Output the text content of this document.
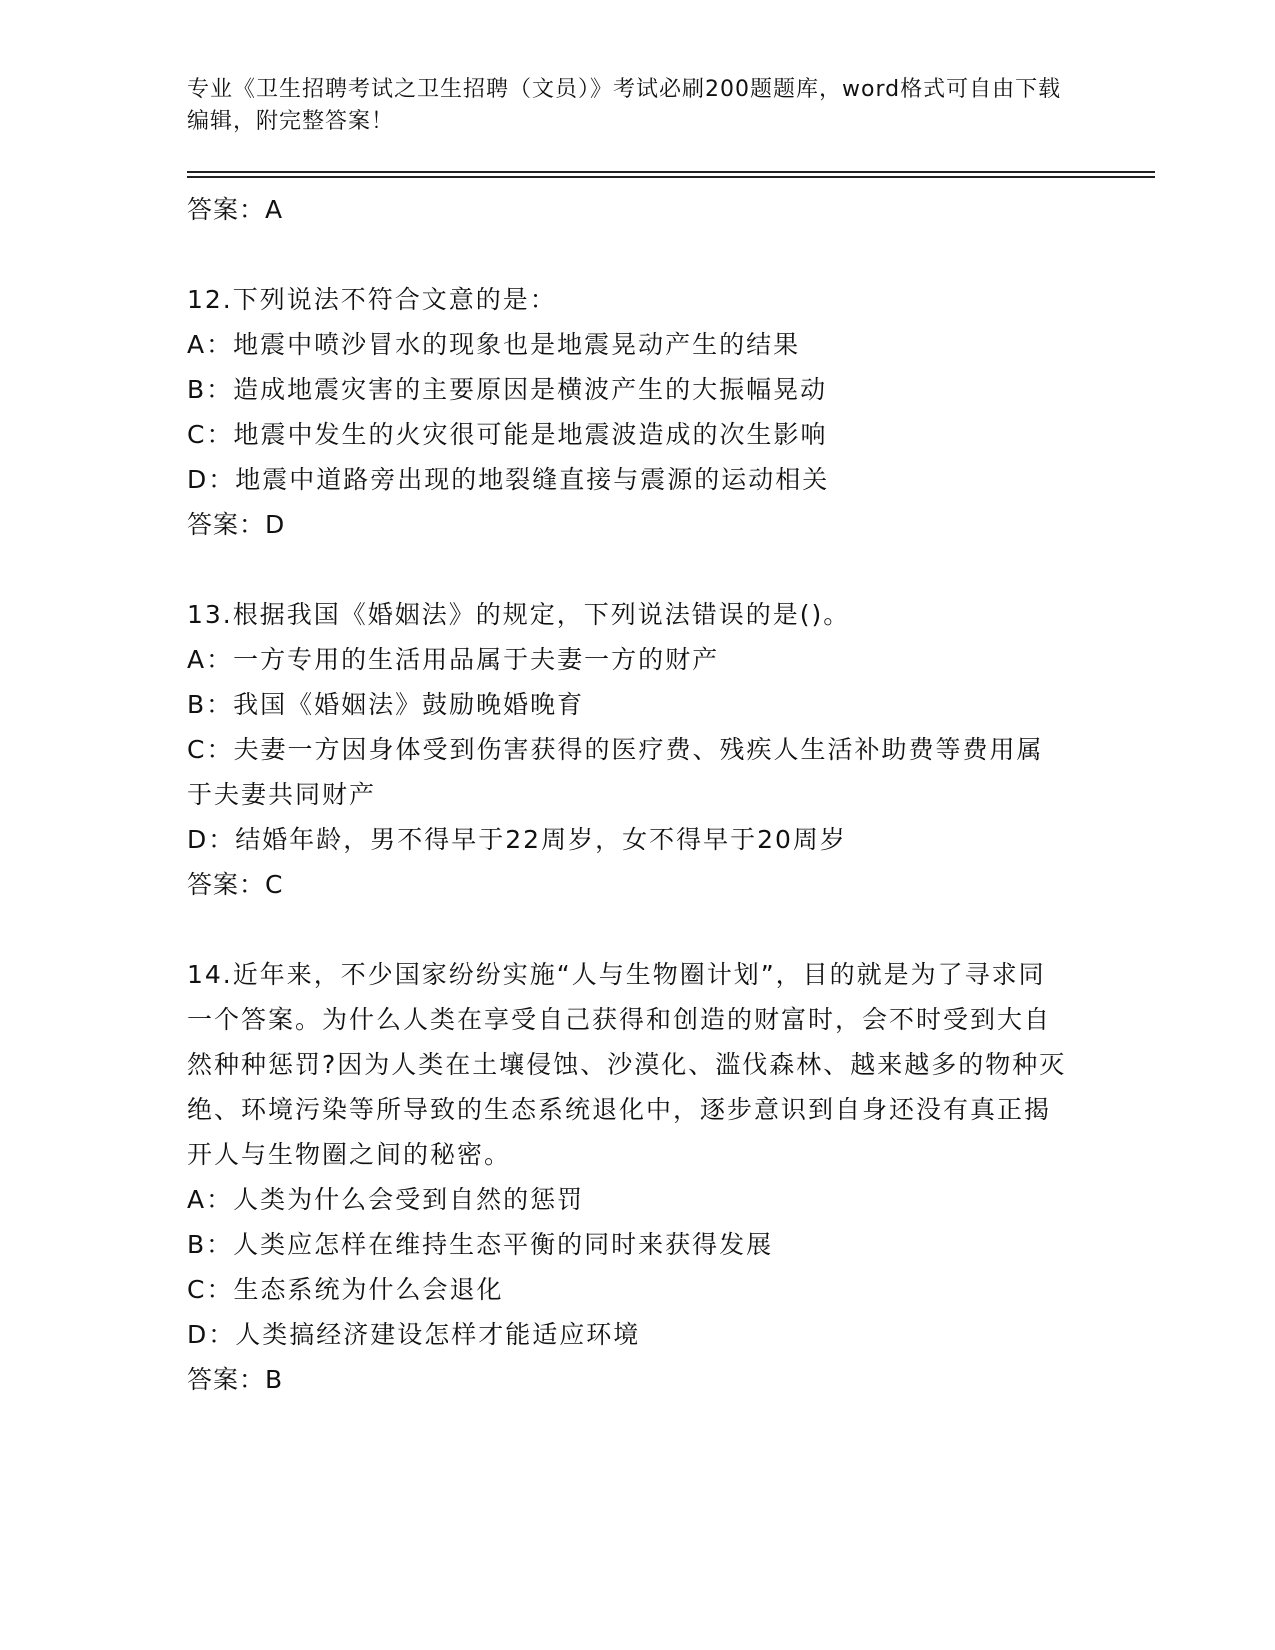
专业《卫生招聘考试之卫生招聘（文员）》考试必刷200题题库，word格式可自由下载编辑，附完整答案！
答案：A
12.下列说法不符合文意的是：
A：地震中喷沙冒水的现象也是地震晃动产生的结果
B：造成地震灾害的主要原因是横波产生的大振幅晃动
C：地震中发生的火灾很可能是地震波造成的次生影响
D：地震中道路旁出现的地裂缝直接与震源的运动相关
答案：D
13.根据我国《婚姻法》的规定，下列说法错误的是()。
A：一方专用的生活用品属于夫妻一方的财产
B：我国《婚姻法》鼓励晚婚晚育
C：夫妻一方因身体受到伤害获得的医疗费、残疾人生活补助费等费用属于夫妻共同财产
D：结婚年龄，男不得早于22周岁，女不得早于20周岁
答案：C
14.近年来，不少国家纷纷实施“人与生物圈计划”，目的就是为了寻求同一个答案。为什么人类在享受自己获得和创造的财富时，会不时受到大自然种种惩罚?因为人类在土壤侵蚀、沙漠化、滥伐森林、越来越多的物种灭绝、环境污染等所导致的生态系统退化中，逐步意识到自身还没有真正揭开人与生物圈之间的秘密。
A：人类为什么会受到自然的惩罚
B：人类应怎样在维持生态平衡的同时来获得发展
C：生态系统为什么会退化
D：人类搞经济建设怎样才能适应环境
答案：B
